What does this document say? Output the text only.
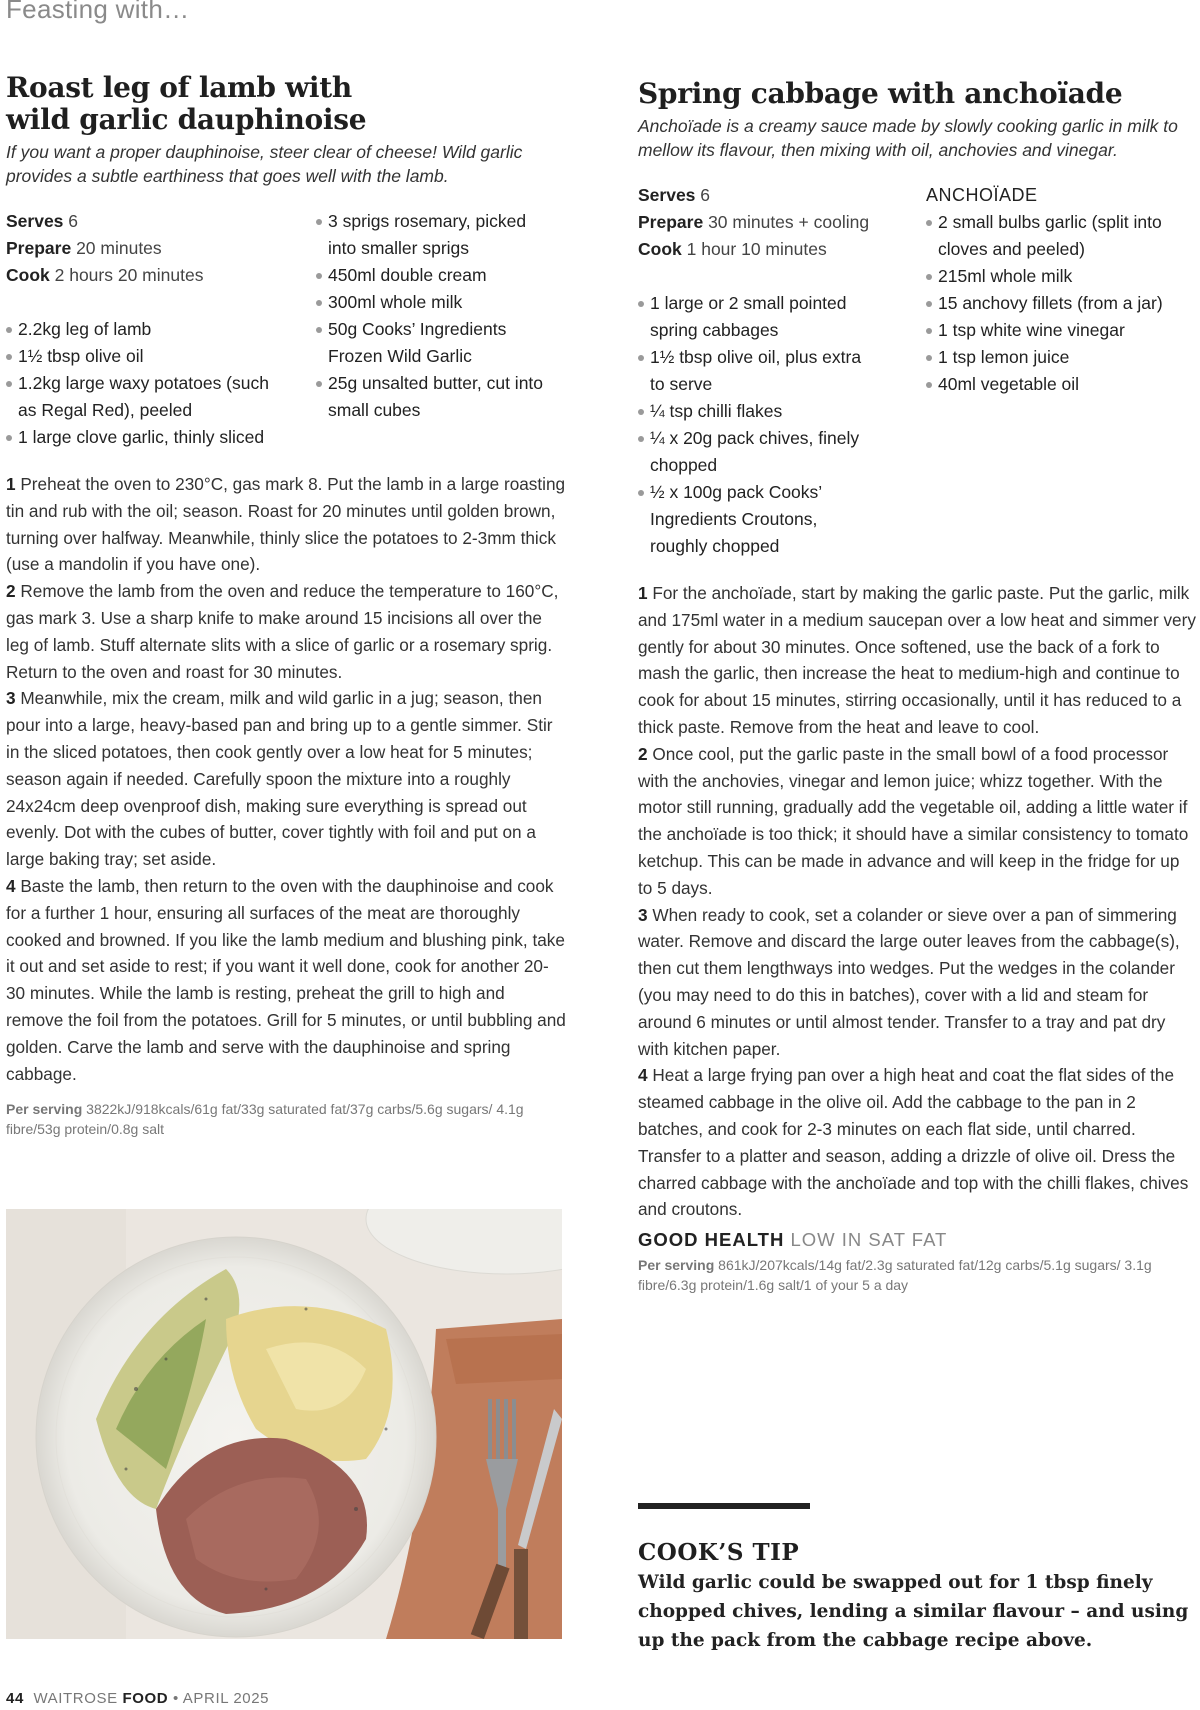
Feasting with…
Roast leg of lamb with
wild garlic dauphinoise

If you want a proper dauphinoise, steer clear of cheese! Wild garlic provides a subtle earthiness that goes well with the lamb.

Serves 6
Prepare 20 minutes
Cook 2 hours 20 minutes
2.2kg leg of lamb
1½ tbsp olive oil
1.2kg large waxy potatoes (such as Regal Red), peeled
1 large clove garlic, thinly sliced
3 sprigs rosemary, picked into smaller sprigs
450ml double cream
300ml whole milk
50g Cooks’ Ingredients Frozen Wild Garlic
25g unsalted butter, cut into small cubes

1 Preheat the oven to 230°C, gas mark 8. Put the lamb in a large roasting tin and rub with the oil; season. Roast for 20 minutes until golden brown, turning over halfway. Meanwhile, thinly slice the potatoes to 2-3mm thick (use a mandolin if you have one).

2 Remove the lamb from the oven and reduce the temperature to 160°C, gas mark 3. Use a sharp knife to make around 15 incisions all over the leg of lamb. Stuff alternate slits with a slice of garlic or a rosemary sprig. Return to the oven and roast for 30 minutes.

3 Meanwhile, mix the cream, milk and wild garlic in a jug; season, then pour into a large, heavy-based pan and bring up to a gentle simmer. Stir in the sliced potatoes, then cook gently over a low heat for 5 minutes; season again if needed. Carefully spoon the mixture into a roughly 24x24cm deep ovenproof dish, making sure everything is spread out evenly. Dot with the cubes of butter, cover tightly with foil and put on a large baking tray; set aside.

4 Baste the lamb, then return to the oven with the dauphinoise and cook for a further 1 hour, ensuring all surfaces of the meat are thoroughly cooked and browned. If you like the lamb medium and blushing pink, take it out and set aside to rest; if you want it well done, cook for another 20-30 minutes. While the lamb is resting, preheat the grill to high and remove the foil from the potatoes. Grill for 5 minutes, or until bubbling and golden. Carve the lamb and serve with the dauphinoise and spring cabbage.

Per serving 3822kJ/918kcals/61g fat/33g saturated fat/37g carbs/5.6g sugars/ 4.1g fibre/53g protein/0.8g salt
Spring cabbage with anchoïade

Anchoïade is a creamy sauce made by slowly cooking garlic in milk to mellow its flavour, then mixing with oil, anchovies and vinegar.

Serves 6
Prepare 30 minutes + cooling
Cook 1 hour 10 minutes
1 large or 2 small pointed spring cabbages
1½ tbsp olive oil, plus extra to serve
¼ tsp chilli flakes
¼ x 20g pack chives, finely chopped
½ x 100g pack Cooks’ Ingredients Croutons, roughly chopped
ANCHOÏADE
2 small bulbs garlic (split into cloves and peeled)
215ml whole milk
15 anchovy fillets (from a jar)
1 tsp white wine vinegar
1 tsp lemon juice
40ml vegetable oil

1 For the anchoïade, start by making the garlic paste. Put the garlic, milk and 175ml water in a medium saucepan over a low heat and simmer very gently for about 30 minutes. Once softened, use the back of a fork to mash the garlic, then increase the heat to medium-high and continue to cook for about 15 minutes, stirring occasionally, until it has reduced to a thick paste. Remove from the heat and leave to cool.

2 Once cool, put the garlic paste in the small bowl of a food processor with the anchovies, vinegar and lemon juice; whizz together. With the motor still running, gradually add the vegetable oil, adding a little water if the anchoïade is too thick; it should have a similar consistency to tomato ketchup. This can be made in advance and will keep in the fridge for up to 5 days.

3 When ready to cook, set a colander or sieve over a pan of simmering water. Remove and discard the large outer leaves from the cabbage(s), then cut them lengthways into wedges. Put the wedges in the colander (you may need to do this in batches), cover with a lid and steam for around 6 minutes or until almost tender. Transfer to a tray and pat dry with kitchen paper.

4 Heat a large frying pan over a high heat and coat the flat sides of the steamed cabbage in the olive oil. Add the cabbage to the pan in 2 batches, and cook for 2-3 minutes on each flat side, until charred. Transfer to a platter and season, adding a drizzle of olive oil. Dress the charred cabbage with the anchoïade and top with the chilli flakes, chives and croutons.

GOOD HEALTH LOW IN SAT FAT
Per serving 861kJ/207kcals/14g fat/2.3g saturated fat/12g carbs/5.1g sugars/ 3.1g fibre/6.3g protein/1.6g salt/1 of your 5 a day
COOK’S TIP

Wild garlic could be swapped out for 1 tbsp finely chopped chives, lending a similar flavour – and using up the pack from the cabbage recipe above.

44 WAITROSE FOOD • APRIL 2025
